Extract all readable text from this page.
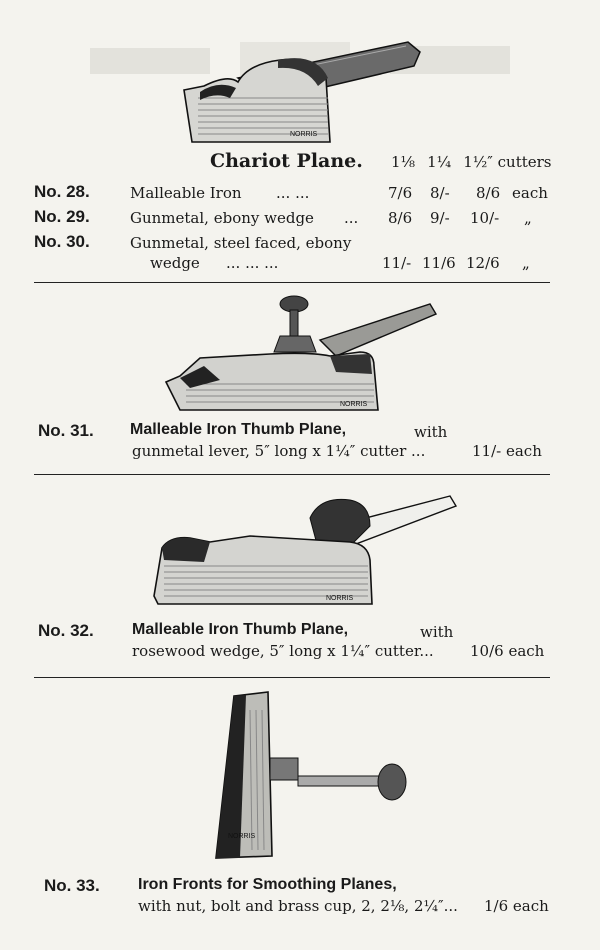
NORRIS
Chariot Plane. 1⅛ 1¼ 1½″ cutters
No. 28.	Malleable Iron ... ...	7/6 8/- 8/6 each
No. 29.	Gunmetal, ebony wedge ... 8/6 9/- 10/- „
No. 30.	Gunmetal, steel faced, ebony
wedge ... ... ...	11/- 11/6 12/6 „
NORRIS
No. 31. Malleable Iron Thumb Plane,	with
gunmetal lever, 5″ long x 1¼″ cutter ...	11/- each
NORRIS
No. 32. Malleable Iron Thumb Plane,	with
rosewood wedge, 5″ long x 1¼″ cutter... 10/6 each
NORRIS
No. 33. Iron Fronts for Smoothing Planes,
with nut, bolt and brass cup, 2, 2⅛, 2¼″... 1/6 each
